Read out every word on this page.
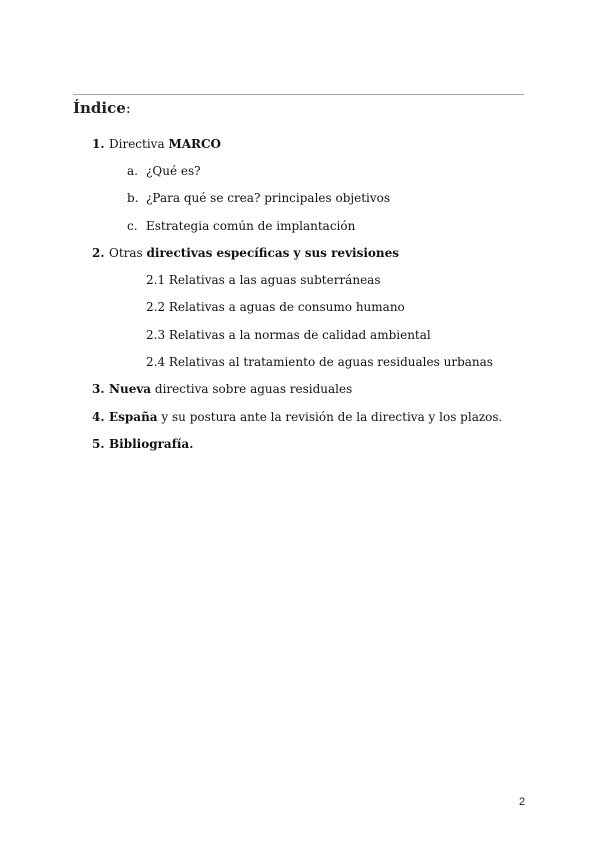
Índice:
1. Directiva MARCO
a. ¿Qué es?
b. ¿Para qué se crea? principales objetivos
c. Estrategia común de implantación
2. Otras directivas específicas y sus revisiones
2.1 Relativas a las aguas subterráneas
2.2 Relativas a aguas de consumo humano
2.3 Relativas a la normas de calidad ambiental
2.4 Relativas al tratamiento de aguas residuales urbanas
3. Nueva directiva sobre aguas residuales
4. España y su postura ante la revisión de la directiva y los plazos.
5. Bibliografía.
2
